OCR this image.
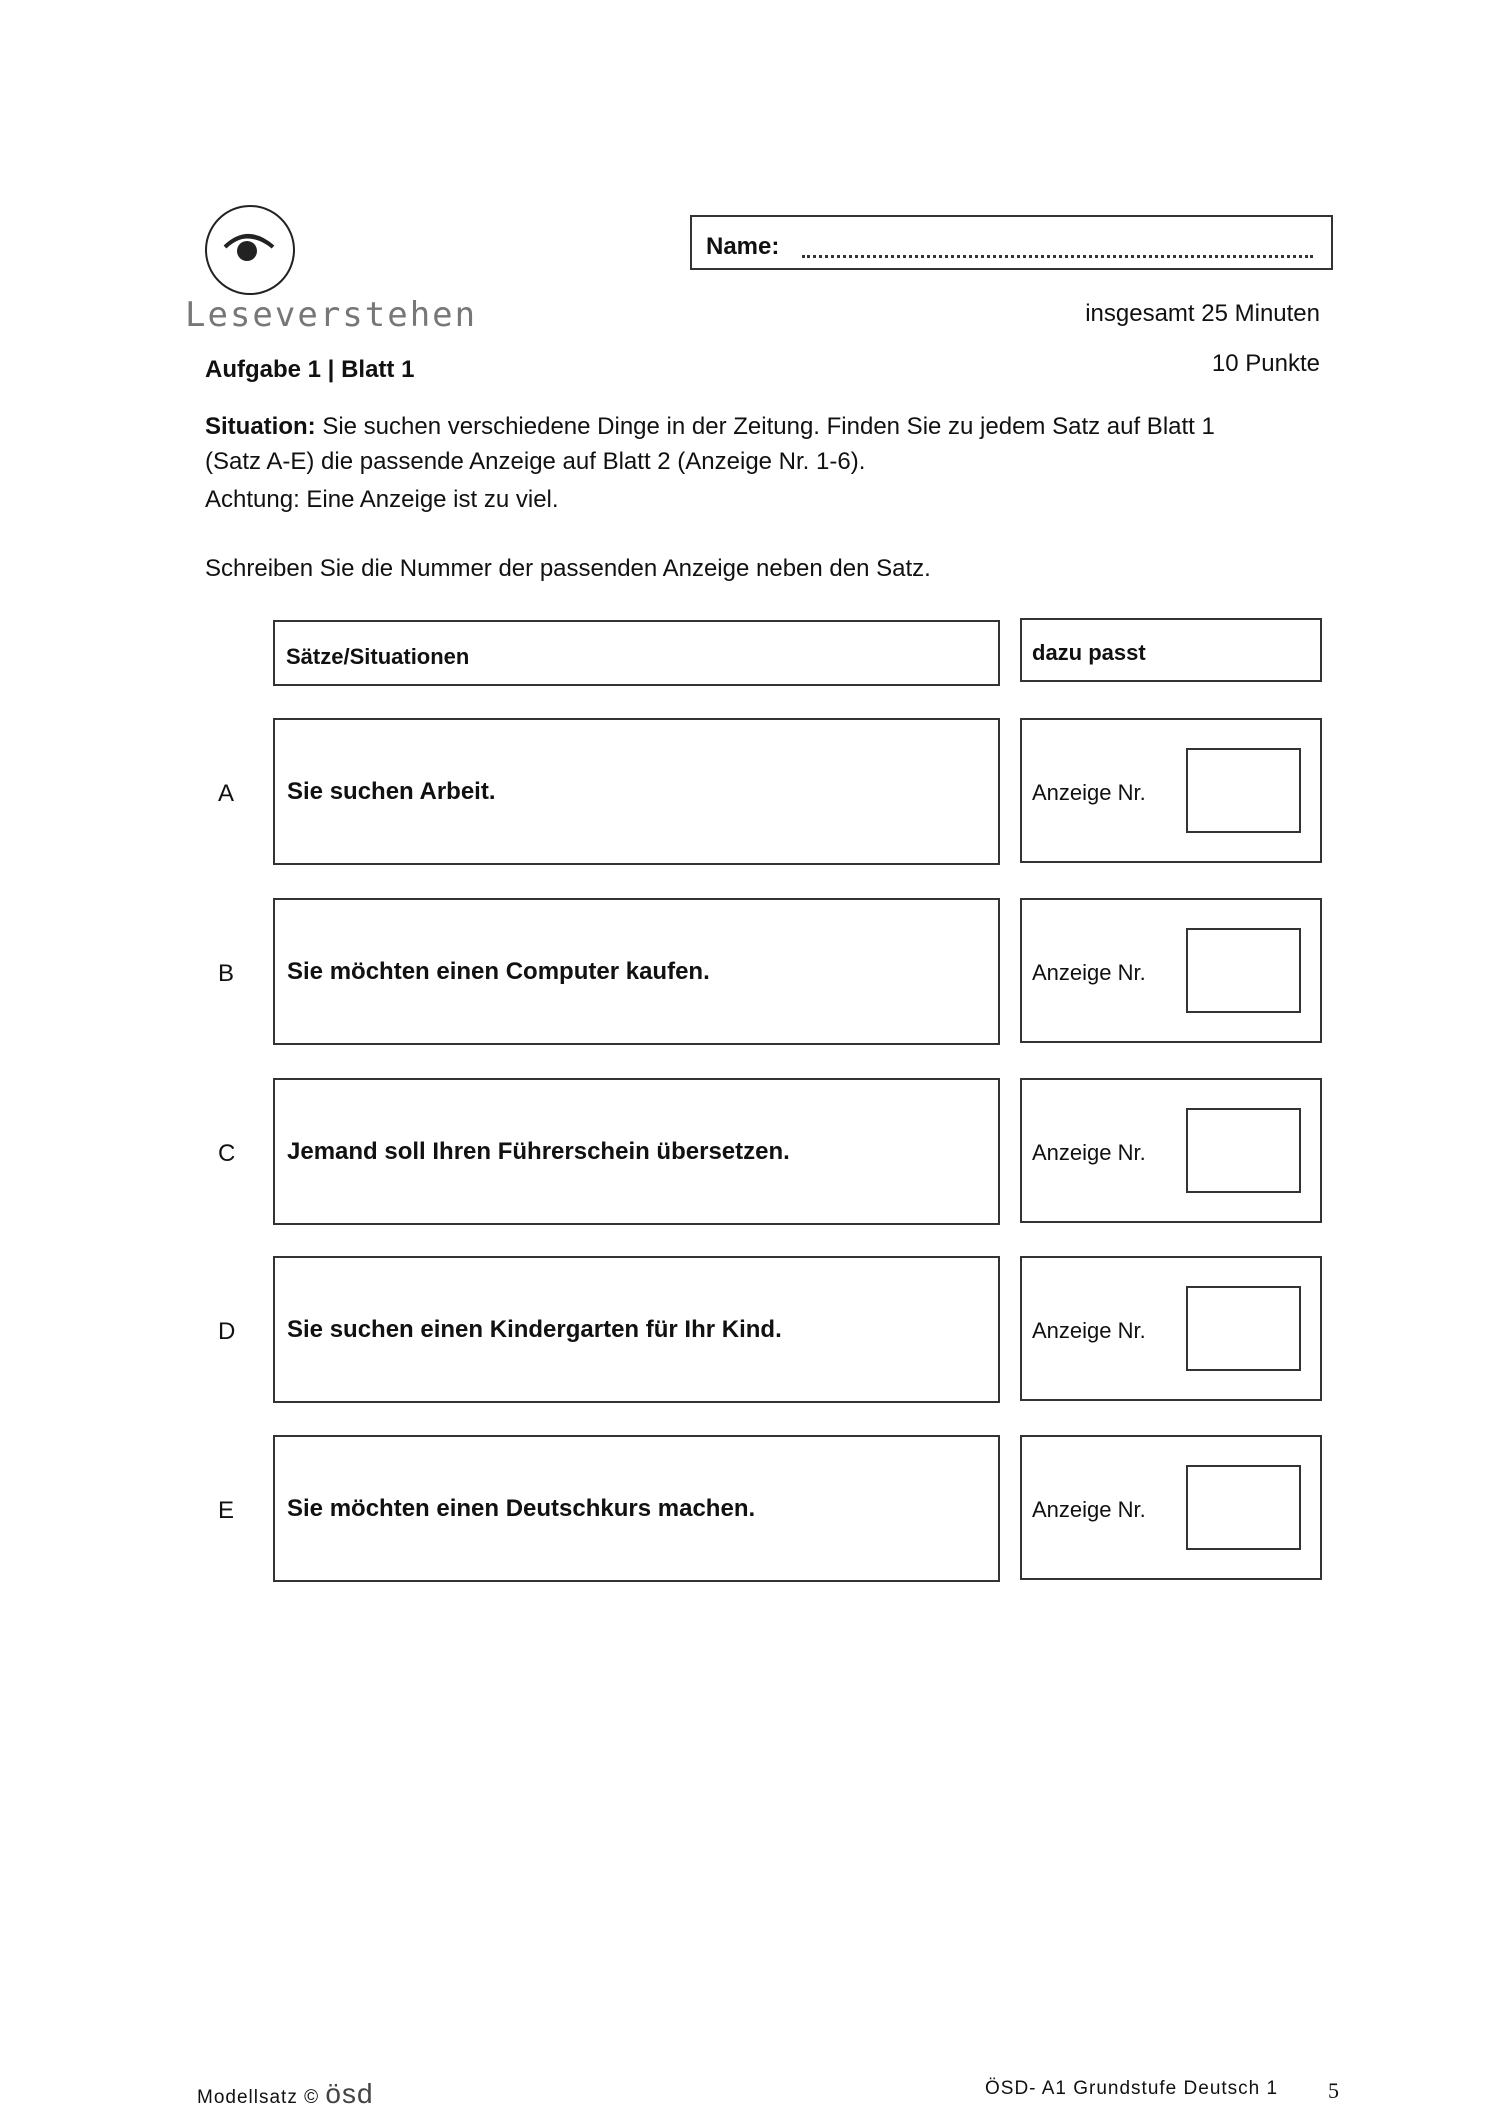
Name:
Leseverstehen	insgesamt 25 Minuten
10 Punkte
Aufgabe 1 | Blatt 1
Situation: Sie suchen verschiedene Dinge in der Zeitung. Finden Sie zu jedem Satz auf Blatt 1
(Satz A-E) die passende Anzeige auf Blatt 2 (Anzeige Nr. 1-6).
Achtung: Eine Anzeige ist zu viel.
Schreiben Sie die Nummer der passenden Anzeige neben den Satz.
Sätze/Situationen	dazu passt
A Sie suchen Arbeit.	Anzeige Nr.
B Sie möchten einen Computer kaufen.	Anzeige Nr.
C Jemand soll Ihren Führerschein übersetzen.	Anzeige Nr.
D Sie suchen einen Kindergarten für Ihr Kind.	Anzeige Nr.
E Sie möchten einen Deutschkurs machen.	Anzeige Nr.
Modellsatz © ösd	ÖSD- A1 Grundstufe Deutsch 1 5
